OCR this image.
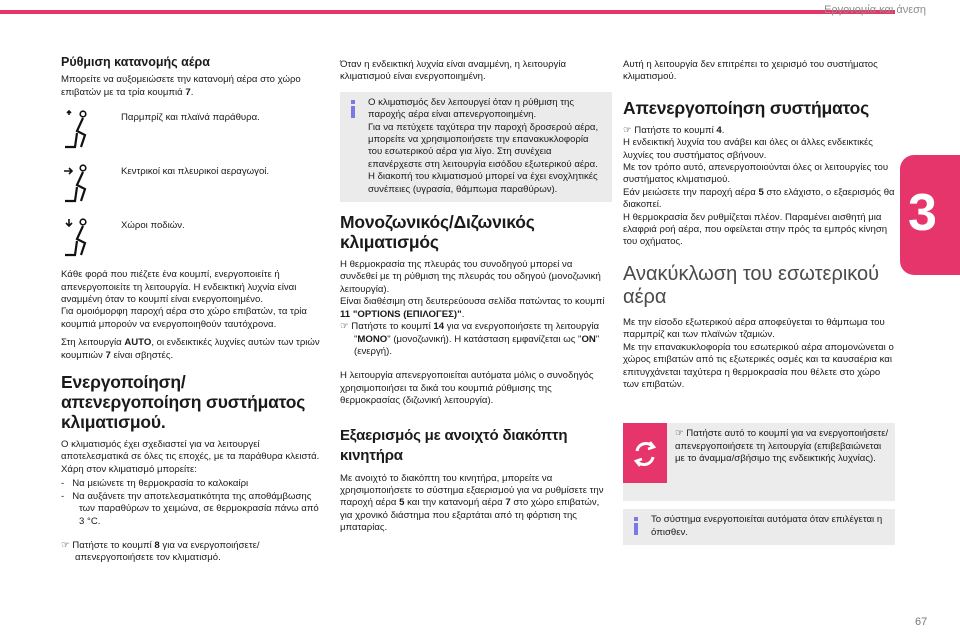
Εργονομία και άνεση
3
67
Ρύθμιση κατανομής αέρα

Μπορείτε να αυξομειώσετε την κατανομή αέρα στο χώρο επιβατών με τα τρία κουμπιά 7.

Παρμπρίζ και πλαϊνά παράθυρα.
Κεντρικοί και πλευρικοί αεραγωγοί.
Χώροι ποδιών.

Κάθε φορά που πιέζετε ένα κουμπί, ενεργοποιείτε ή απενεργοποιείτε τη λειτουργία. Η ενδεικτική λυχνία είναι αναμμένη όταν το κουμπί είναι ενεργοποιημένο.
Για ομοιόμορφη παροχή αέρα στο χώρο επιβατών, τα τρία κουμπιά μπορούν να ενεργοποιηθούν ταυτόχρονα.

Στη λειτουργία AUTO, οι ενδεικτικές λυχνίες αυτών των τριών κουμπιών 7 είναι σβηστές.

Ενεργοποίηση/απενεργοποίηση συστήματος κλιματισμού.

Ο κλιματισμός έχει σχεδιαστεί για να λειτουργεί αποτελεσματικά σε όλες τις εποχές, με τα παράθυρα κλειστά.
Χάρη στον κλιματισμό μπορείτε:

-   Να μειώνετε τη θερμοκρασία το καλοκαίρι
-   Να αυξάνετε την αποτελεσματικότητα της αποθάμβωσης των παραθύρων το χειμώνα, σε θερμοκρασία πάνω από 3 °C.

☞ Πατήστε το κουμπί 8 για να ενεργοποιήσετε/απενεργοποιήσετε τον κλιματισμό.

Όταν η ενδεικτική λυχνία είναι αναμμένη, η λειτουργία κλιματισμού είναι ενεργοποιημένη.

Ο κλιματισμός δεν λειτουργεί όταν η ρύθμιση της παροχής αέρα είναι απενεργοποιημένη.
Για να πετύχετε ταχύτερα την παροχή δροσερού αέρα, μπορείτε να χρησιμοποιήσετε την επανακυκλοφορία του εσωτερικού αέρα για λίγο. Στη συνέχεια επανέρχεστε στη λειτουργία εισόδου εξωτερικού αέρα.
Η διακοπή του κλιματισμού μπορεί να έχει ενοχλητικές συνέπειες (υγρασία, θάμπωμα παραθύρων).
Μονοζωνικός/Διζωνικός κλιματισμός

Η θερμοκρασία της πλευράς του συνοδηγού μπορεί να συνδεθεί με τη ρύθμιση της πλευράς του οδηγού (μονοζωνική λειτουργία).
Είναι διαθέσιμη στη δευτερεύουσα σελίδα πατώντας το κουμπί 11 "OPTIONS (ΕΠΙΛΟΓΕΣ)".

☞ Πατήστε το κουμπί 14 για να ενεργοποιήσετε τη λειτουργία "MONO" (μονοζωνική). Η κατάσταση εμφανίζεται ως "ON" (ενεργή).

Η λειτουργία απενεργοποιείται αυτόματα μόλις ο συνοδηγός χρησιμοποιήσει τα δικά του κουμπιά ρύθμισης της θερμοκρασίας (διζωνική λειτουργία).

Εξαερισμός με ανοιχτό διακόπτη κινητήρα

Με ανοιχτό το διακόπτη του κινητήρα, μπορείτε να χρησιμοποιήσετε το σύστημα εξαερισμού για να ρυθμίσετε την παροχή αέρα 5 και την κατανομή αέρα 7 στο χώρο επιβατών, για χρονικό διάστημα που εξαρτάται από τη φόρτιση της μπαταρίας.

Αυτή η λειτουργία δεν επιτρέπει το χειρισμό του συστήματος κλιματισμού.

Απενεργοποίηση συστήματος

☞ Πατήστε το κουμπί 4.

Η ενδεικτική λυχνία του ανάβει και όλες οι άλλες ενδεικτικές λυχνίες του συστήματος σβήνουν.
Με τον τρόπο αυτό, απενεργοποιούνται όλες οι λειτουργίες του συστήματος κλιματισμού.
Εάν μειώσετε την παροχή αέρα 5 στο ελάχιστο, ο εξαερισμός θα διακοπεί.
Η θερμοκρασία δεν ρυθμίζεται πλέον. Παραμένει αισθητή μια ελαφριά ροή αέρα, που οφείλεται στην πρός τα εμπρός κίνηση του οχήματος.

Ανακύκλωση του εσωτερικού αέρα

Με την είσοδο εξωτερικού αέρα αποφεύγεται το θάμπωμα του παρμπρίζ και των πλαϊνών τζαμιών.
Με την επανακυκλοφορία του εσωτερικού αέρα απομονώνεται ο χώρος επιβατών από τις εξωτερικές οσμές και τα καυσαέρια και επιτυγχάνεται ταχύτερα η θερμοκρασία που θέλετε στο χώρο των επιβατών.

☞ Πατήστε αυτό το κουμπί για να ενεργοποιήσετε/απενεργοποιήσετε τη λειτουργία (επιβεβαιώνεται με το άναμμα/σβήσιμο της ενδεικτικής λυχνίας).
Το σύστημα ενεργοποιείται αυτόματα όταν επιλέγεται η όπισθεν.
